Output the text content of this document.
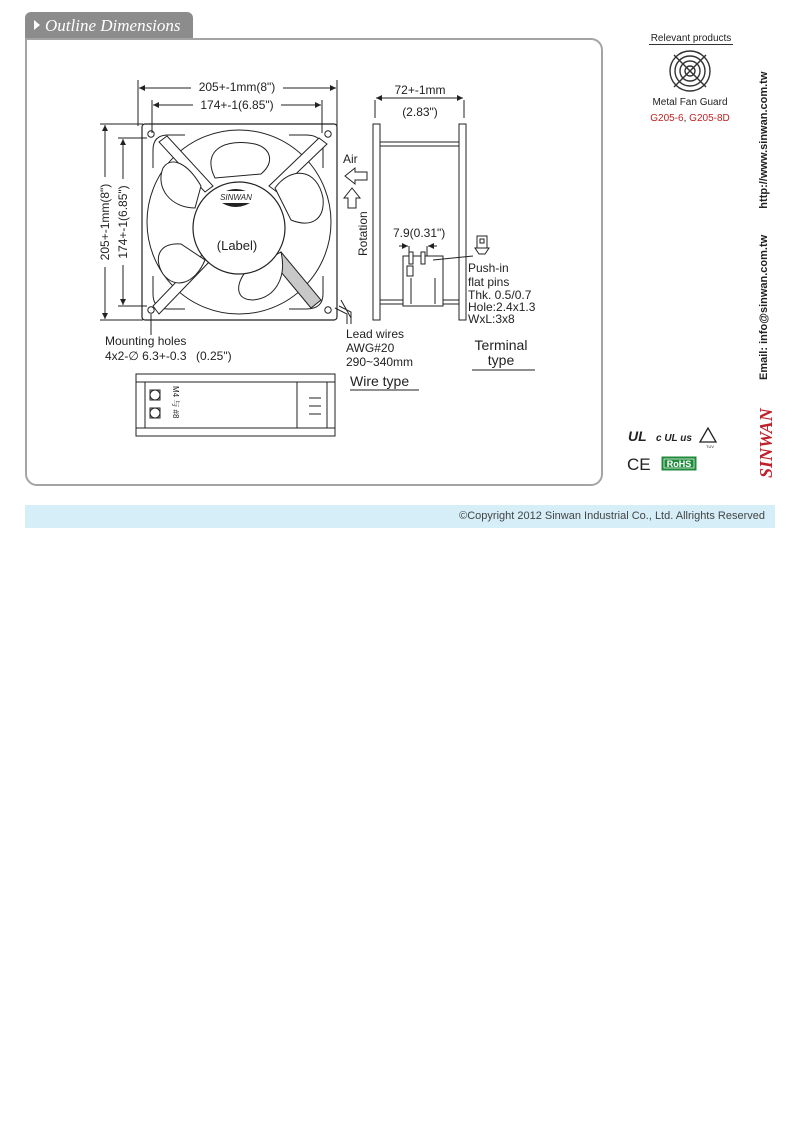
Outline Dimensions
205+-1mm(8")
174+-1(6.85")
205+-1mm(8") 174+-1(6.85")	SINWAN
(Label)
Mounting holes
4x2-∅ 6.3+-0.3 (0.25")
Air
Rotation
Lead wires
AWG#20
290~340mm
Wire type
72+-1mm
(2.83")
7.9(0.31")
Push-in
flat pins
Thk. 0.5/0.7
Hole:2.4x1.3
WxL:3x8
Terminal
type
M4 与 #8
Relevant products
Metal Fan Guard
G205-6, G205-8D
Email: info@sinwan.com.tw  http://www.sinwan.com.tw
SINWAN
UL c UL us
TUV
CE RoHS
©Copyright 2012 Sinwan Industrial Co., Ltd. Allrights Reserved
